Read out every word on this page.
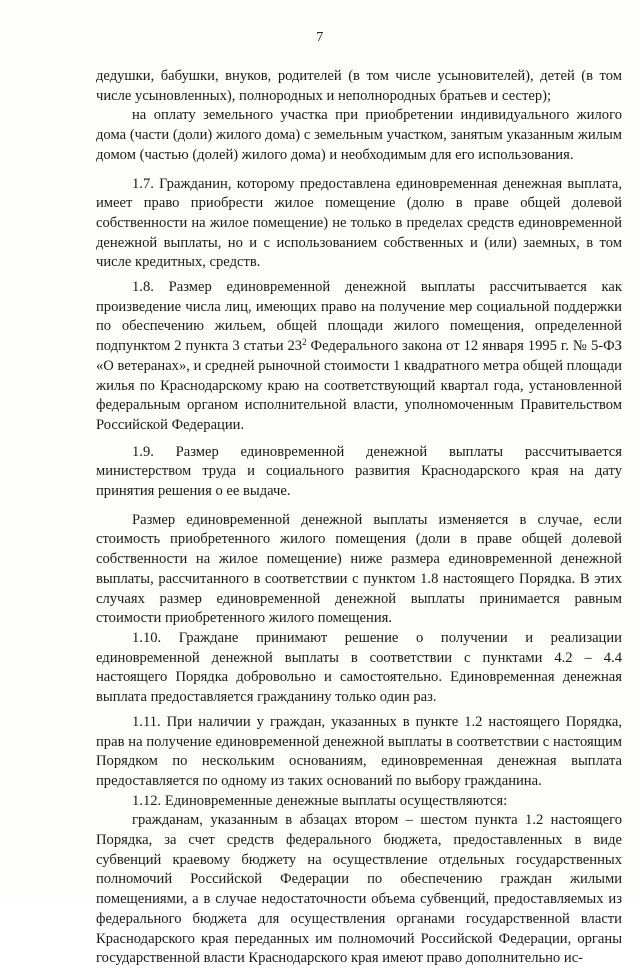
7

дедушки, бабушки, внуков, родителей (в том числе усыновителей), детей (в том числе усыновленных), полнородных и неполнородных братьев и сестер);

на оплату земельного участка при приобретении индивидуального жилого дома (части (доли) жилого дома) с земельным участком, занятым указанным жилым домом (частью (долей) жилого дома) и необходимым для его использования.

1.7. Гражданин, которому предоставлена единовременная денежная выплата, имеет право приобрести жилое помещение (долю в праве общей долевой собственности на жилое помещение) не только в пределах средств единовременной денежной выплаты, но и с использованием собственных и (или) заемных, в том числе кредитных, средств.

1.8. Размер единовременной денежной выплаты рассчитывается как произведение числа лиц, имеющих право на получение мер социальной поддержки по обеспечению жильем, общей площади жилого помещения, определенной подпунктом 2 пункта 3 статьи $23^2$ Федерального закона от 12 января 1995 г. № 5-ФЗ «О ветеранах», и средней рыночной стоимости 1 квадратного метра общей площади жилья по Краснодарскому краю на соответствующий квартал года, установленной федеральным органом исполнительной власти, уполномоченным Правительством Российской Федерации.

1.9. Размер единовременной денежной выплаты рассчитывается министерством труда и социального развития Краснодарского края на дату принятия решения о ее выдаче.

Размер единовременной денежной выплаты изменяется в случае, если стоимость приобретенного жилого помещения (доли в праве общей долевой собственности на жилое помещение) ниже размера единовременной денежной выплаты, рассчитанного в соответствии с пунктом 1.8 настоящего Порядка. В этих случаях размер единовременной денежной выплаты принимается равным стоимости приобретенного жилого помещения.

1.10. Граждане принимают решение о получении и реализации единовременной денежной выплаты в соответствии с пунктами 4.2 – 4.4 настоящего Порядка добровольно и самостоятельно. Единовременная денежная выплата предоставляется гражданину только один раз.

1.11. При наличии у граждан, указанных в пункте 1.2 настоящего Порядка, прав на получение единовременной денежной выплаты в соответствии с настоящим Порядком по нескольким основаниям, единовременная денежная выплата предоставляется по одному из таких оснований по выбору гражданина.

1.12. Единовременные денежные выплаты осуществляются:

гражданам, указанным в абзацах втором – шестом пункта 1.2 настоящего Порядка, за счет средств федерального бюджета, предоставленных в виде субвенций краевому бюджету на осуществление отдельных государственных полномочий Российской Федерации по обеспечению граждан жилыми помещениями, а в случае недостаточности объема субвенций, предоставляемых из федерального бюджета для осуществления органами государственной власти Краснодарского края переданных им полномочий Российской Федерации, органы государственной власти Краснодарского края имеют право дополнительно ис-
